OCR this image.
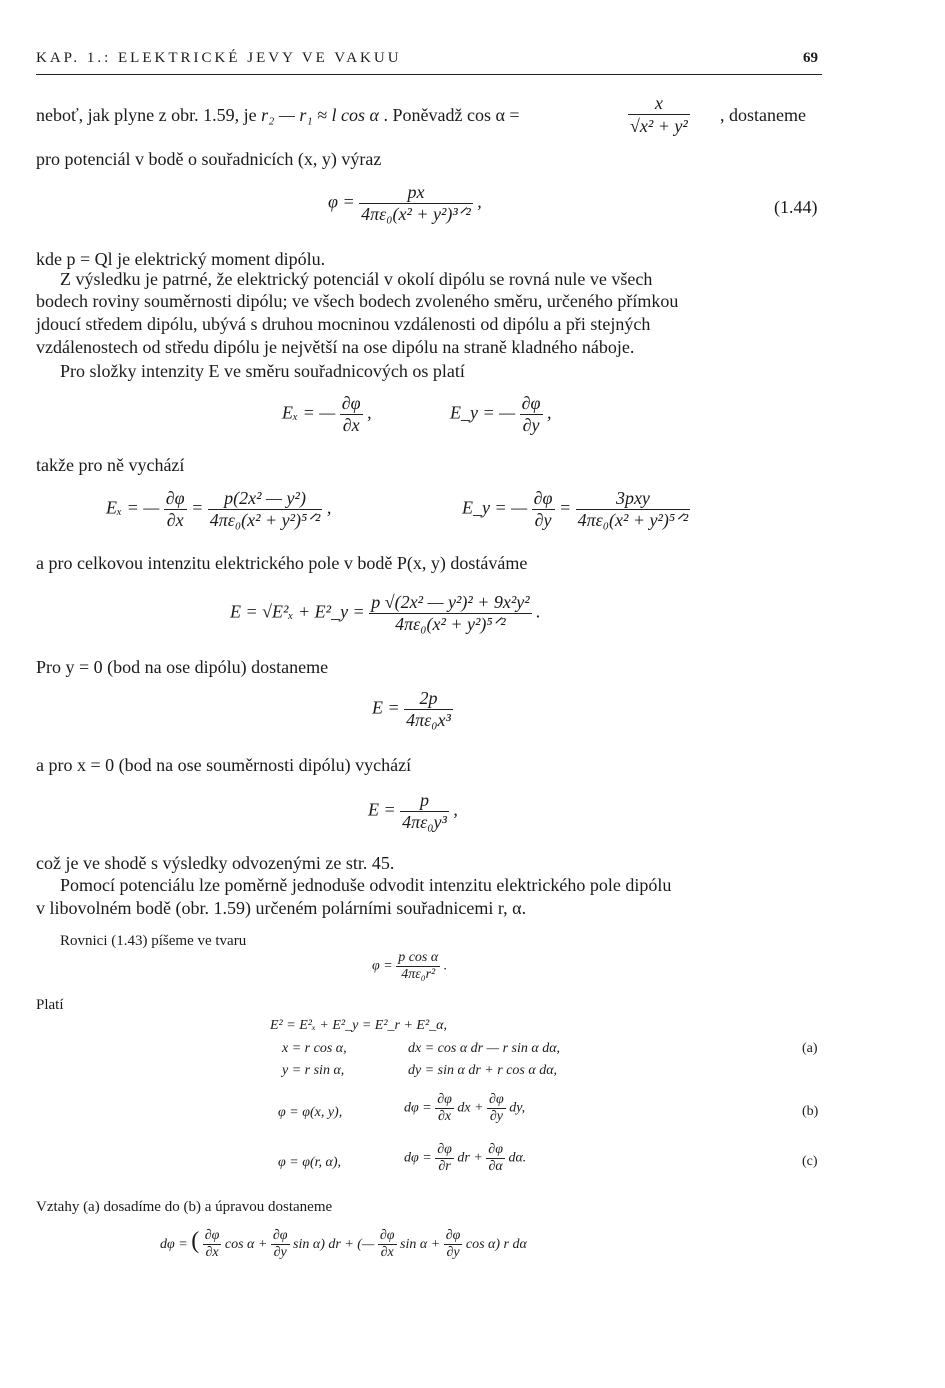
KAP. 1.: ELEKTRICKÉ JEVY VE VAKUU	69
neboť, jak plyne z obr. 1.59, je r₂ — r₁ ≈ l cos α . Poněvadž cos α =	$\frac{x}{\text{√x² + y²}}$ , dostaneme
pro potenciál v bodě o souřadnicích (x, y) výraz
$\varphi = \frac{px}{\text{4πε₀(x² + y²)³ᐟ²}}$ ,	(1.44)
kde p = Ql je elektrický moment dipólu.
Z výsledku je patrné, že elektrický potenciál v okolí dipólu se rovná nule ve všech
bodech roviny souměrnosti dipólu; ve všech bodech zvoleného směru, určeného přímkou
jdoucí středem dipólu, ubývá s druhou mocninou vzdálenosti od dipólu a při stejných
vzdálenostech od středu dipólu je největší na ose dipólu na straně kladného náboje.
Pro složky intenzity E ve směru souřadnicových os platí
Eₓ = — $\frac{\partial\varphi}{\partial x}$ ,	E_y = — $\frac{\partial\varphi}{\partial y}$ ,
takže pro ně vychází
Eₓ = — $\frac{\partial\varphi}{\partial x} = \frac{\text{p(2x² — y²)}}{\text{4πε₀(x² + y²)⁵ᐟ²}}$ ,	E_y = — $\frac{\partial\varphi}{\partial y} = \frac{\text{3pxy}}{\text{4πε₀(x² + y²)⁵ᐟ²}}$
a pro celkovou intenzitu elektrického pole v bodě P(x, y) dostáváme
E = √E²ₓ + E²_y = $\frac{\text{p √(2x² — y²)² + 9x²y²}}{\text{4πε₀(x² + y²)⁵ᐟ²}}$ .
Pro y = 0 (bod na ose dipólu) dostaneme
$E = \frac{2p}{\text{4πε₀x³}}$
a pro x = 0 (bod na ose souměrnosti dipólu) vychází
$E = \frac{p}{\text{4πε₀y³}}$ ,
což je ve shodě s výsledky odvozenými ze str. 45.
Pomocí potenciálu lze poměrně jednoduše odvodit intenzitu elektrického pole dipólu
v libovolném bodě (obr. 1.59) určeném polárními souřadnicemi r, α.
Rovnici (1.43) píšeme ve tvaru
$\varphi = \frac{\text{p cos α}}{\text{4πε₀r²}}$ .
Platí
E² = E²ₓ + E²_y = E²_r + E²_α,
x = r cos α,	dx = cos α dr — r sin α dα,
y = r sin α,	dy = sin α dr + r cos α dα,
(a)
φ = φ(x, y),	$d\varphi = \frac{\partial\varphi}{\partial x}$ dx + $\frac{\partial\varphi}{\partial y}$ dy,	(b)
φ = φ(r, α),	$d\varphi = \frac{\partial\varphi}{\partial r}$ dr + $\frac{\partial\varphi}{\partial\alpha} d\alpha$.	(c)
Vztahy (a) dosadíme do (b) a úpravou dostaneme
dφ = ( $\frac{\partial\varphi}{\partial x}$ $\cos \alpha + \frac{\partial\varphi}{\partial y}$ sin α) dr + (— $\frac{\partial\varphi}{\partial x}$ $\sin \alpha + \frac{\partial\varphi}{\partial y}$ cos α) r dα
